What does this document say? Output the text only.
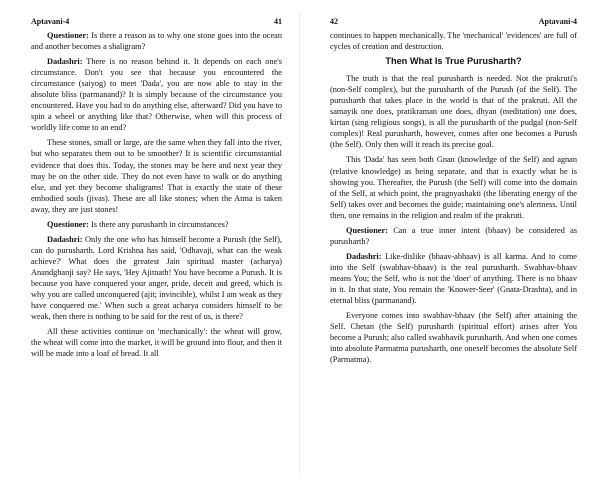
Aptavani-4	41

Questioner: Is there a reason as to why one stone goes into the ocean and another becomes a shaligram?

Dadashri: There is no reason behind it. It depends on each one's circumstance. Don't you see that because you encountered the circumstance (saiyog) to meet 'Dada', you are now able to stay in the absolute bliss (parmanand)? It is simply because of the circumstance you encountered. Have you had to do anything else, afterward? Did you have to spin a wheel or anything like that? Otherwise, when will this process of worldly life come to an end?

These stones, small or large, are the same when they fall into the river, but who separates them out to be smoother? It is scientific circumstantial evidence that does this. Today, the stones may be here and next year they may be on the other side. They do not even have to walk or do anything else, and yet they become shaligrams! That is exactly the state of these embodied souls (jivas). These are all like stones; when the Atma is taken away, they are just stones!

Questioner: Is there any purusharth in circumstances?

Dadashri: Only the one who has himself become a Purush (the Self), can do purusharth. Lord Krishna has said, 'Odhavaji, what can the weak achieve?' What does the greatest Jain spiritual master (acharya) Anandghanji say? He says, 'Hey Ajitnath! You have become a Purush. It is because you have conquered your anger, pride, deceit and greed, which is why you are called unconquered (ajit; invincible), whilst I am weak as they have conquered me.' When such a great acharya considers himself to be weak, then there is nothing to be said for the rest of us, is there?

All these activities continue on 'mechanically': the wheat will grow, the wheat will come into the market, it will be ground into flour, and then it will be made into a loaf of bread. It all

42	Aptavani-4

continues to happen mechanically. The 'mechanical' 'evidences' are full of cycles of creation and destruction.

Then What Is True Purusharth?

The truth is that the real purusharth is needed. Not the prakruti's (non-Self complex), but the purusharth of the Purush (of the Self). The purusharth that takes place in the world is that of the prakruti. All the samayik one does, pratikraman one does, dhyan (meditation) one does, kirtan (sing religious songs), is all the purusharth of the pudgal (non-Self complex)! Real purusharth, however, comes after one becomes a Purush (the Self). Only then will it reach its precise goal.

This 'Dada' has seen both Gnan (knowledge of the Self) and agnan (relative knowledge) as being separate, and that is exactly what he is showing you. Thereafter, the Purush (the Self) will come into the domain of the Self, at which point, the pragnyashakti (the liberating energy of the Self) takes over and becomes the guide; maintaining one's alertness. Until then, one remains in the religion and realm of the prakruti.

Questioner: Can a true inner intent (bhaav) be considered as purusharth?

Dadashri: Like-dislike (bhaav-abhaav) is all karma. And to come into the Self (swabhav-bhaav) is the real purusharth. Swabhav-bhaav means You; the Self, who is not the 'doer' of anything. There is no bhaav in it. In that state, You remain the 'Knower-Seer' (Gnata-Drashta), and in eternal bliss (parmanand).

Everyone comes into swabhav-bhaav (the Self) after attaining the Self. Chetan (the Self) purusharth (spiritual effort) arises after You become a Purush; also called swabhavik purusharth. And when one comes into absolute Parmatma purusharth, one oneself becomes the absolute Self (Parmatma).
